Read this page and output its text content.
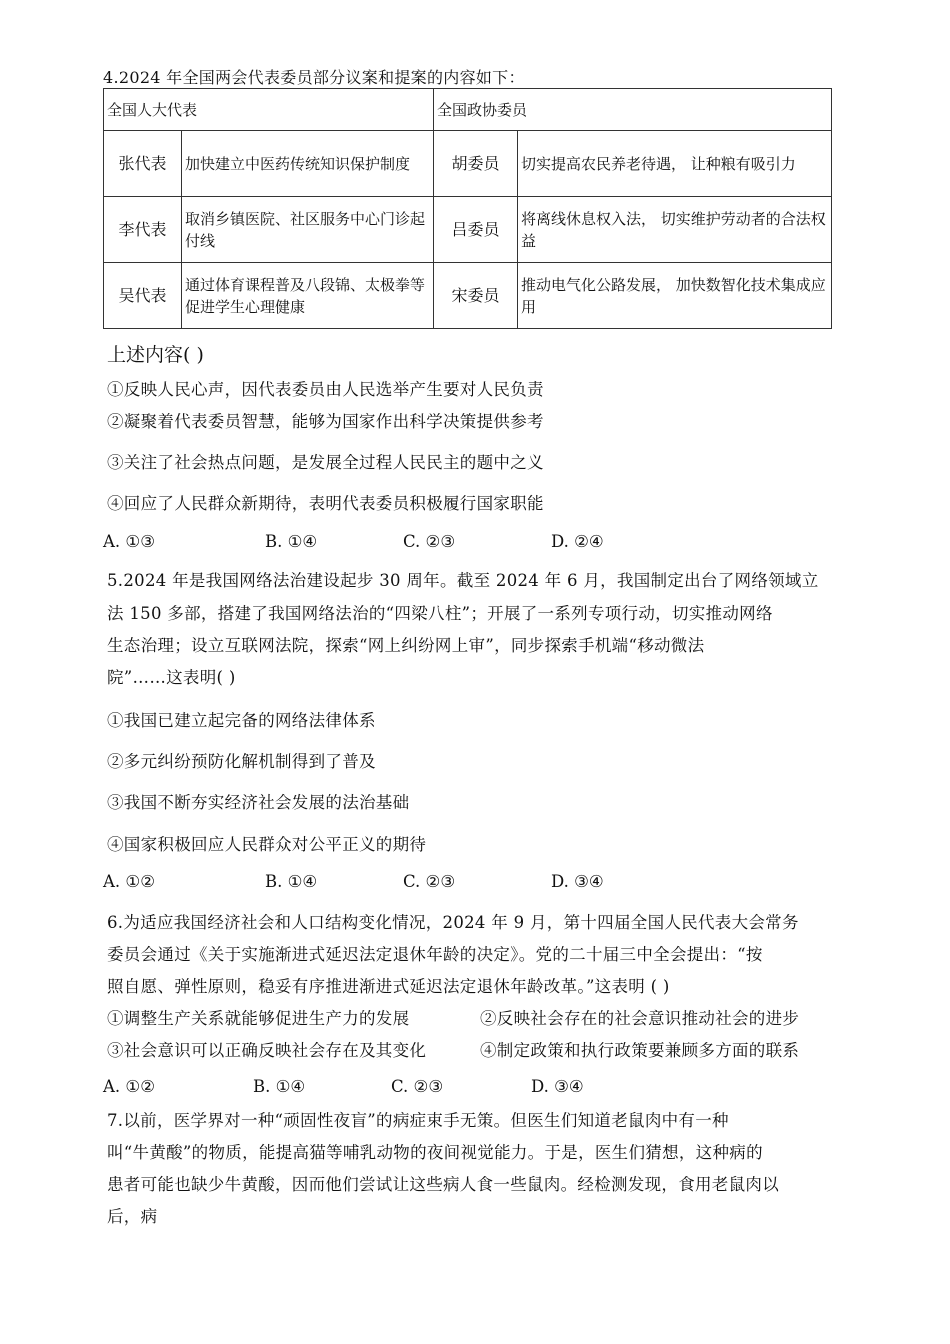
4.2024 年全国两会代表委员部分议案和提案的内容如下：
全国人大代表		全国政协委员	
张代表	加快建立中医药传统知识保护制度	胡委员	切实提高农民养老待遇， 让种粮有吸引力
李代表	取消乡镇医院、社区服务中心门诊起付线	吕委员	将离线休息权入法， 切实维护劳动者的合法权益
吴代表	通过体育课程普及八段锦、太极拳等促进学生心理健康	宋委员	推动电气化公路发展， 加快数智化技术集成应用
上述内容( )
①反映人民心声，因代表委员由人民选举产生要对人民负责
②凝聚着代表委员智慧，能够为国家作出科学决策提供参考
③关注了社会热点问题，是发展全过程人民民主的题中之义
④回应了人民群众新期待，表明代表委员积极履行国家职能
A. ①③	B. ①④	C. ②③	D. ②④
5.2024 年是我国网络法治建设起步 30 周年。截至 2024 年 6 月，我国制定出台了网络领域立
法 150 多部，搭建了我国网络法治的“四梁八柱”；开展了一系列专项行动，切实推动网络
生态治理；设立互联网法院，探索“网上纠纷网上审”，同步探索手机端“移动微法
院”……这表明( )
①我国已建立起完备的网络法律体系
②多元纠纷预防化解机制得到了普及
③我国不断夯实经济社会发展的法治基础
④国家积极回应人民群众对公平正义的期待
A. ①②	B. ①④	C. ②③	D. ③④
6.为适应我国经济社会和人口结构变化情况，2024 年 9 月，第十四届全国人民代表大会常务
委员会通过《关于实施渐进式延迟法定退休年龄的决定》。党的二十届三中全会提出：“按
照自愿、弹性原则，稳妥有序推进渐进式延迟法定退休年龄改革。”这表明 ( )
①调整生产关系就能够促进生产力的发展	②反映社会存在的社会意识推动社会的进步
③社会意识可以正确反映社会存在及其变化	④制定政策和执行政策要兼顾多方面的联系
A. ①②	B. ①④	C. ②③	D. ③④
7.以前，医学界对一种“顽固性夜盲”的病症束手无策。但医生们知道老鼠肉中有一种
叫“牛黄酸”的物质，能提高猫等哺乳动物的夜间视觉能力。于是，医生们猜想，这种病的
患者可能也缺少牛黄酸，因而他们尝试让这些病人食一些鼠肉。经检测发现，食用老鼠肉以
后，病
